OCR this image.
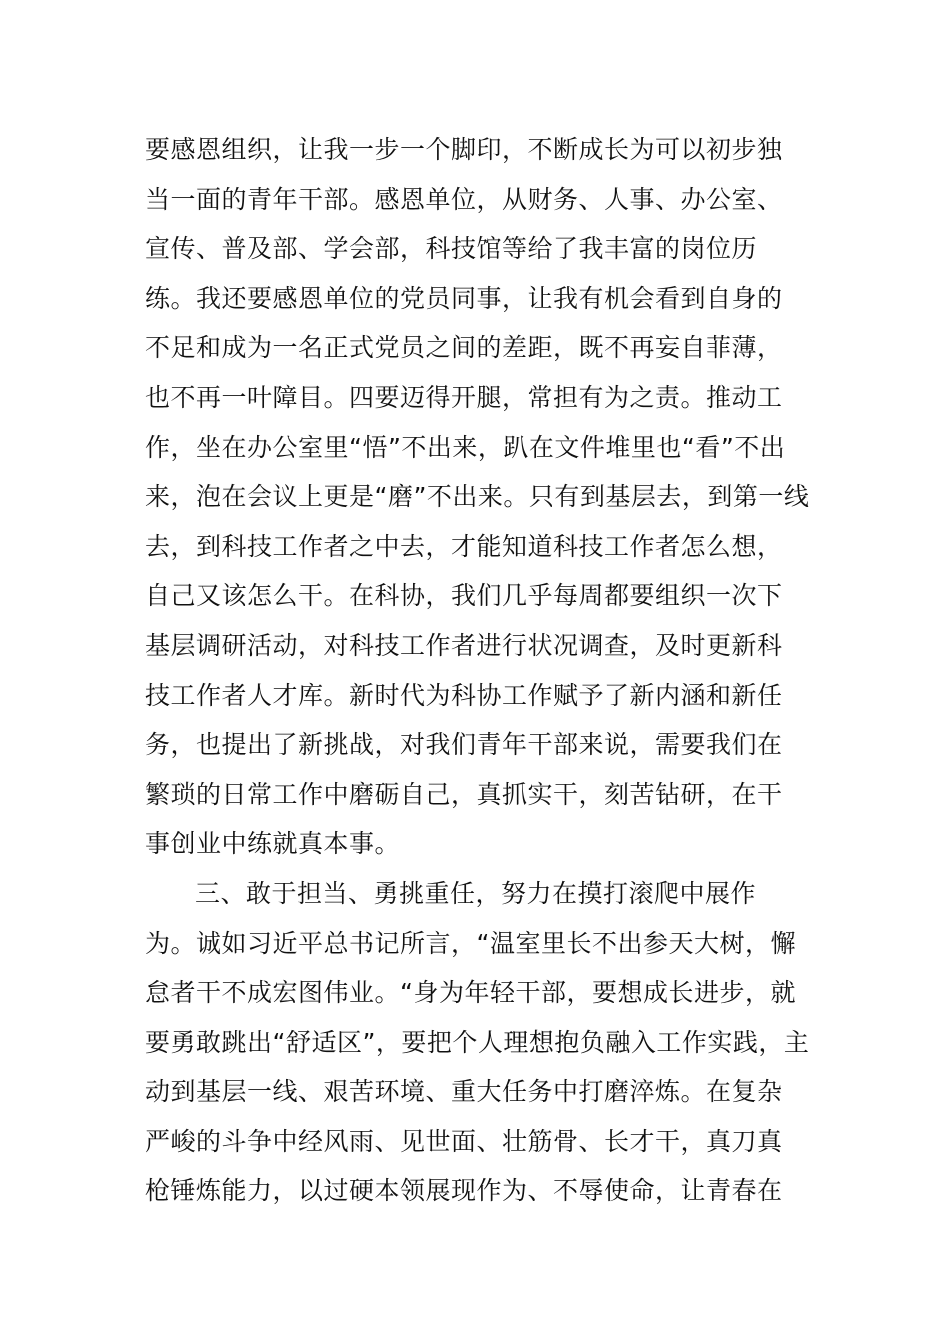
要感恩组织，让我一步一个脚印，不断成长为可以初步独
当一面的青年干部。感恩单位，从财务、人事、办公室、
宣传、普及部、学会部，科技馆等给了我丰富的岗位历
练。我还要感恩单位的党员同事，让我有机会看到自身的
不足和成为一名正式党员之间的差距，既不再妄自菲薄，
也不再一叶障目。四要迈得开腿，常担有为之责。推动工
作，坐在办公室里“悟”不出来，趴在文件堆里也“看”不出
来，泡在会议上更是“磨”不出来。只有到基层去，到第一线
去，到科技工作者之中去，才能知道科技工作者怎么想，
自己又该怎么干。在科协，我们几乎每周都要组织一次下
基层调研活动，对科技工作者进行状况调查，及时更新科
技工作者人才库。新时代为科协工作赋予了新内涵和新任
务，也提出了新挑战，对我们青年干部来说，需要我们在
繁琐的日常工作中磨砺自己，真抓实干，刻苦钻研，在干
事创业中练就真本事。
三、敢于担当、勇挑重任，努力在摸打滚爬中展作
为。诚如习近平总书记所言，“温室里长不出参天大树，懈
怠者干不成宏图伟业。“身为年轻干部，要想成长进步，就
要勇敢跳出“舒适区”，要把个人理想抱负融入工作实践，主
动到基层一线、艰苦环境、重大任务中打磨淬炼。在复杂
严峻的斗争中经风雨、见世面、壮筋骨、长才干，真刀真
枪锤炼能力，以过硬本领展现作为、不辱使命，让青春在
